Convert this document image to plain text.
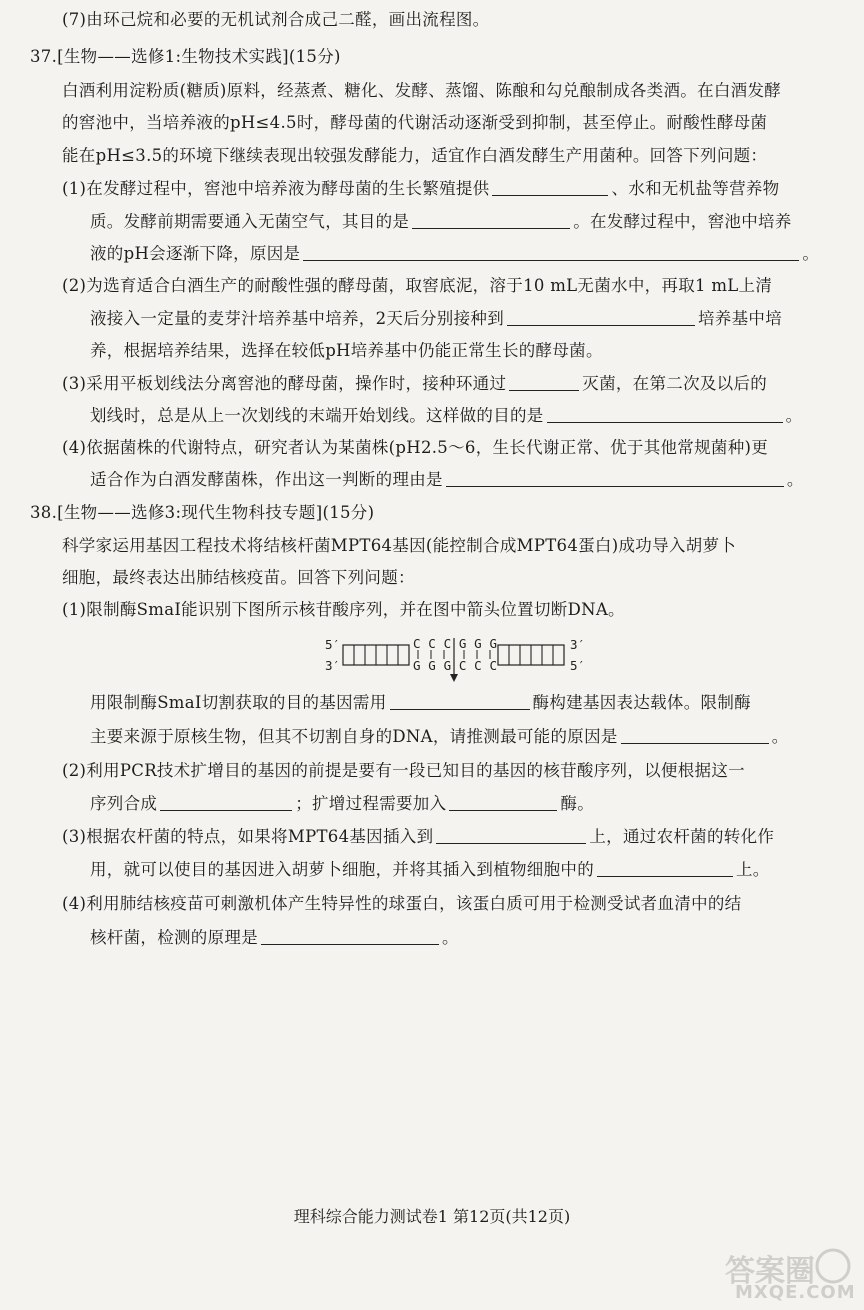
(7)由环己烷和必要的无机试剂合成己二醛，画出流程图。
37.[生物——选修1:生物技术实践](15分)
白酒利用淀粉质(糖质)原料，经蒸煮、糖化、发酵、蒸馏、陈酿和勾兑酿制成各类酒。在白酒发酵
的窖池中，当培养液的pH≤4.5时，酵母菌的代谢活动逐渐受到抑制，甚至停止。耐酸性酵母菌
能在pH≤3.5的环境下继续表现出较强发酵能力，适宜作白酒发酵生产用菌种。回答下列问题：
(1)在发酵过程中，窖池中培养液为酵母菌的生长繁殖提供	、水和无机盐等营养物
质。发酵前期需要通入无菌空气，其目的是	。在发酵过程中，窖池中培养
液的pH会逐渐下降，原因是	。
(2)为选育适合白酒生产的耐酸性强的酵母菌，取窖底泥，溶于10 mL无菌水中，再取1 mL上清
液接入一定量的麦芽汁培养基中培养，2天后分别接种到	培养基中培
养，根据培养结果，选择在较低pH培养基中仍能正常生长的酵母菌。
(3)采用平板划线法分离窖池的酵母菌，操作时，接种环通过	灭菌，在第二次及以后的
划线时，总是从上一次划线的末端开始划线。这样做的目的是	。
(4)依据菌株的代谢特点，研究者认为某菌株(pH2.5～6，生长代谢正常、优于其他常规菌种)更
适合作为白酒发酵菌株，作出这一判断的理由是	。
38.[生物——选修3:现代生物科技专题](15分)
科学家运用基因工程技术将结核杆菌MPT64基因(能控制合成MPT64蛋白)成功导入胡萝卜
细胞，最终表达出肺结核疫苗。回答下列问题：
(1)限制酶SmaⅠ能识别下图所示核苷酸序列，并在图中箭头位置切断DNA。
5′
3′
3′
5′
CCCGGG
GGGCCC
用限制酶SmaⅠ切割获取的目的基因需用	酶构建基因表达载体。限制酶
主要来源于原核生物，但其不切割自身的DNA，请推测最可能的原因是	。
(2)利用PCR技术扩增目的基因的前提是要有一段已知目的基因的核苷酸序列，以便根据这一
序列合成	；扩增过程需要加入	酶。
(3)根据农杆菌的特点，如果将MPT64基因插入到	上，通过农杆菌的转化作
用，就可以使目的基因进入胡萝卜细胞，并将其插入到植物细胞中的	上。
(4)利用肺结核疫苗可刺激机体产生特异性的球蛋白，该蛋白质可用于检测受试者血清中的结
核杆菌，检测的原理是	。
理科综合能力测试卷1 第12页(共12页)
答案圈
MXQE.COM
